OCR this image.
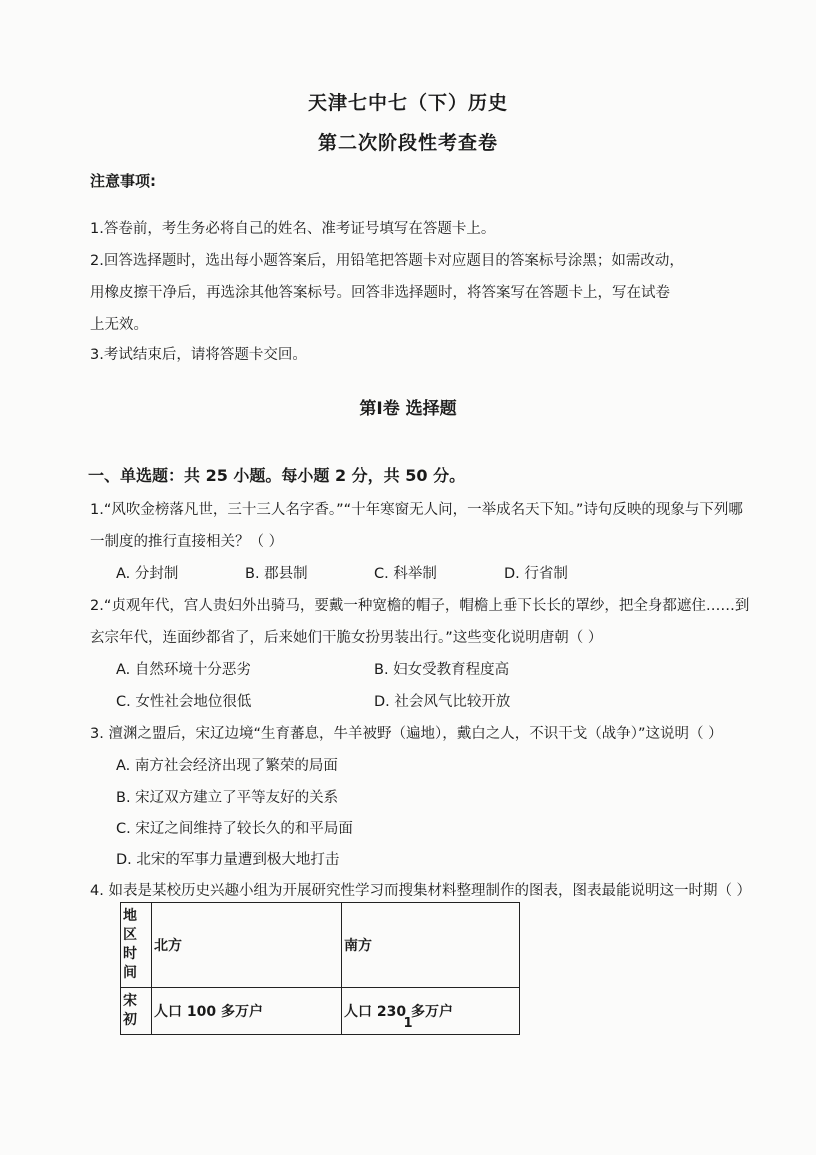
天津七中七（下）历史
第二次阶段性考查卷
注意事项:
1.答卷前，考生务必将自己的姓名、准考证号填写在答题卡上。
2.回答选择题时，选出每小题答案后，用铅笔把答题卡对应题目的答案标号涂黑；如需改动，
用橡皮擦干净后，再选涂其他答案标号。回答非选择题时，将答案写在答题卡上，写在试卷
上无效。
3.考试结束后，请将答题卡交回。
第Ⅰ卷 选择题
一、单选题：共 25 小题。每小题 2 分，共 50 分。
1.“风吹金榜落凡世，三十三人名字香。”“十年寒窗无人问，一举成名天下知。”诗句反映的现象与下列哪
一制度的推行直接相关？（ ）
A. 分封制	B. 郡县制	C. 科举制	D. 行省制
2.“贞观年代，宫人贵妇外出骑马，要戴一种宽檐的帽子，帽檐上垂下长长的罩纱，把全身都遮住……到
玄宗年代，连面纱都省了，后来她们干脆女扮男装出行。”这些变化说明唐朝（ ）
A. 自然环境十分恶劣	B. 妇女受教育程度高
C. 女性社会地位很低	D. 社会风气比较开放
3. 澶渊之盟后，宋辽边境“生育蕃息，牛羊被野（遍地），戴白之人，不识干戈（战争）”这说明（ ）
A. 南方社会经济出现了繁荣的局面
B. 宋辽双方建立了平等友好的关系
C. 宋辽之间维持了较长久的和平局面
D. 北宋的军事力量遭到极大地打击
4. 如表是某校历史兴趣小组为开展研究性学习而搜集材料整理制作的图表，图表最能说明这一时期（ ）
地区
时间	北方	南方
宋初	人口 100 多万户	人口 230 多万户
1
